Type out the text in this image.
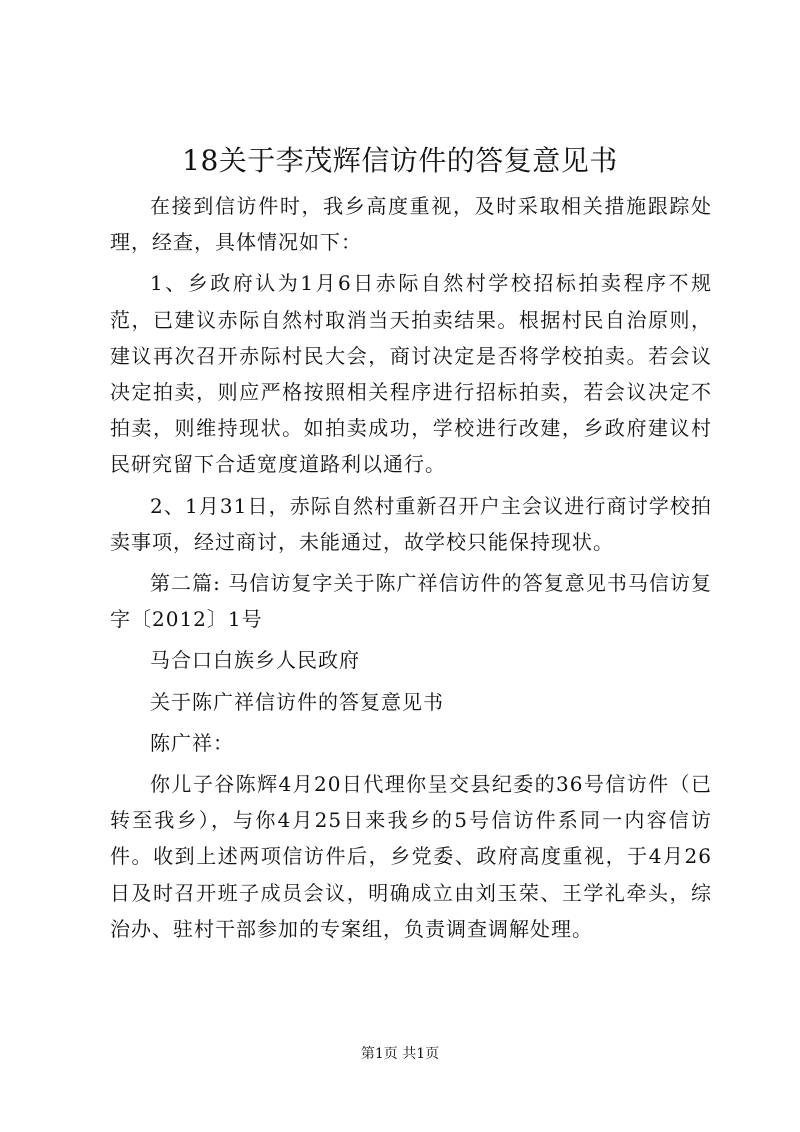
18关于李茂辉信访件的答复意见书

在接到信访件时，我乡高度重视，及时采取相关措施跟踪处理，经查，具体情况如下：

1、乡政府认为1月6日赤际自然村学校招标拍卖程序不规范，已建议赤际自然村取消当天拍卖结果。根据村民自治原则，建议再次召开赤际村民大会，商讨决定是否将学校拍卖。若会议决定拍卖，则应严格按照相关程序进行招标拍卖，若会议决定不拍卖，则维持现状。如拍卖成功，学校进行改建，乡政府建议村民研究留下合适宽度道路利以通行。

2、1月31日，赤际自然村重新召开户主会议进行商讨学校拍卖事项，经过商讨，未能通过，故学校只能保持现状。

第二篇: 马信访复字关于陈广祥信访件的答复意见书马信访复字〔2012〕1号

马合口白族乡人民政府

关于陈广祥信访件的答复意见书

陈广祥：

你儿子谷陈辉4月20日代理你呈交县纪委的36号信访件（已转至我乡），与你4月25日来我乡的5号信访件系同一内容信访件。收到上述两项信访件后，乡党委、政府高度重视，于4月26日及时召开班子成员会议，明确成立由刘玉荣、王学礼牵头，综治办、驻村干部参加的专案组，负责调查调解处理。

第1页 共1页
